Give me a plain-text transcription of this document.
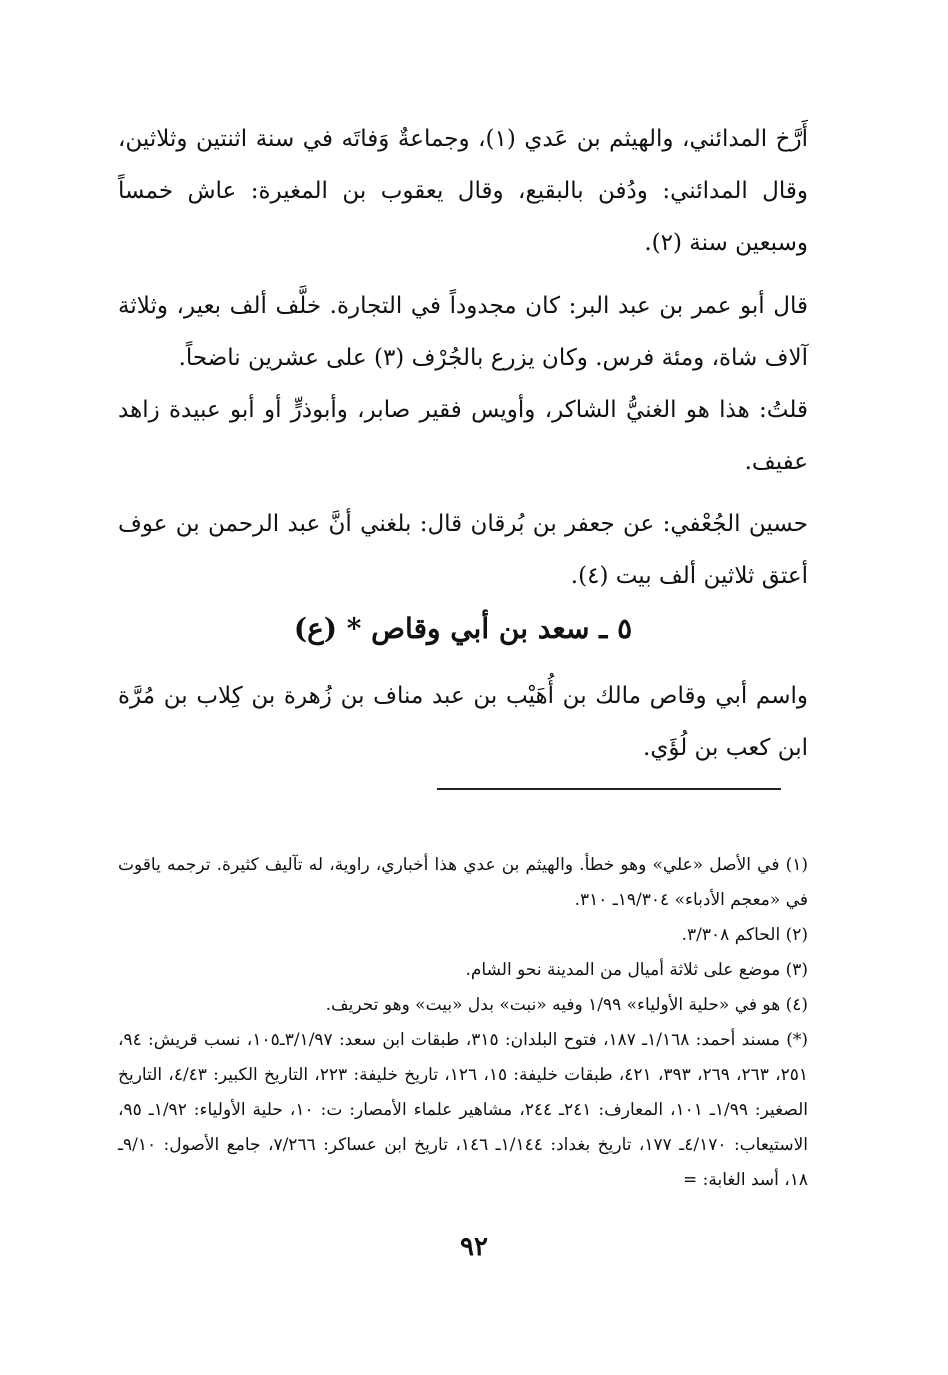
أَرَّخ المدائني، والهيثم بن عَدي (١)، وجماعةٌ وَفاتَه في سنة اثنتين وثلاثين، وقال المدائني: ودُفن بالبقيع، وقال يعقوب بن المغيرة: عاش خمساً وسبعين سنة (٢).
قال أبو عمر بن عبد البر: كان مجدوداً في التجارة. خلَّف ألف بعير، وثلاثة آلاف شاة، ومئة فرس. وكان يزرع بالجُرْف (٣) على عشرين ناضحاً.
قلتُ: هذا هو الغنيُّ الشاكر، وأويس فقير صابر، وأبوذرٍّ أو أبو عبيدة زاهد عفيف.
حسين الجُعْفي: عن جعفر بن بُرقان قال: بلغني أنَّ عبد الرحمن بن عوف أعتق ثلاثين ألف بيت (٤).
٥ ـ سعد بن أبي وقاص * (ع)
واسم أبي وقاص مالك بن أُهَيْب بن عبد مناف بن زُهرة بن كِلاب بن مُرَّة ابن كعب بن لُؤَي.
(١) في الأصل «علي» وهو خطأ. والهيثم بن عدي هذا أخباري، راوية، له تآليف كثيرة. ترجمه ياقوت في «معجم الأدباء» ١٩/٣٠٤ـ ٣١٠.
(٢) الحاكم ٣/٣٠٨.
(٣) موضع على ثلاثة أميال من المدينة نحو الشام.
(٤) هو في «حلية الأولياء» ١/٩٩ وفيه «نبت» بدل «بيت» وهو تحريف.
(*) مسند أحمد: ١/١٦٨ـ ١٨٧، فتوح البلدان: ٣١٥، طبقات ابن سعد: ٣/١/٩٧ـ١٠٥، نسب قريش: ٩٤، ٢٥١، ٢٦٣، ٢٦٩، ٣٩٣، ٤٢١، طبقات خليفة: ١٥، ١٢٦، تاريخ خليفة: ٢٢٣، التاريخ الكبير: ٤/٤٣، التاريخ الصغير: ١/٩٩ـ ١٠١، المعارف: ٢٤١ـ ٢٤٤، مشاهير علماء الأمصار: ت: ١٠، حلية الأولياء: ١/٩٢ـ ٩٥، الاستيعاب: ٤/١٧٠ـ ١٧٧، تاريخ بغداد: ١/١٤٤ـ ١٤٦، تاريخ ابن عساكر: ٧/٢٦٦، جامع الأصول: ٩/١٠ـ ١٨، أسد الغابة: =
٩٢
